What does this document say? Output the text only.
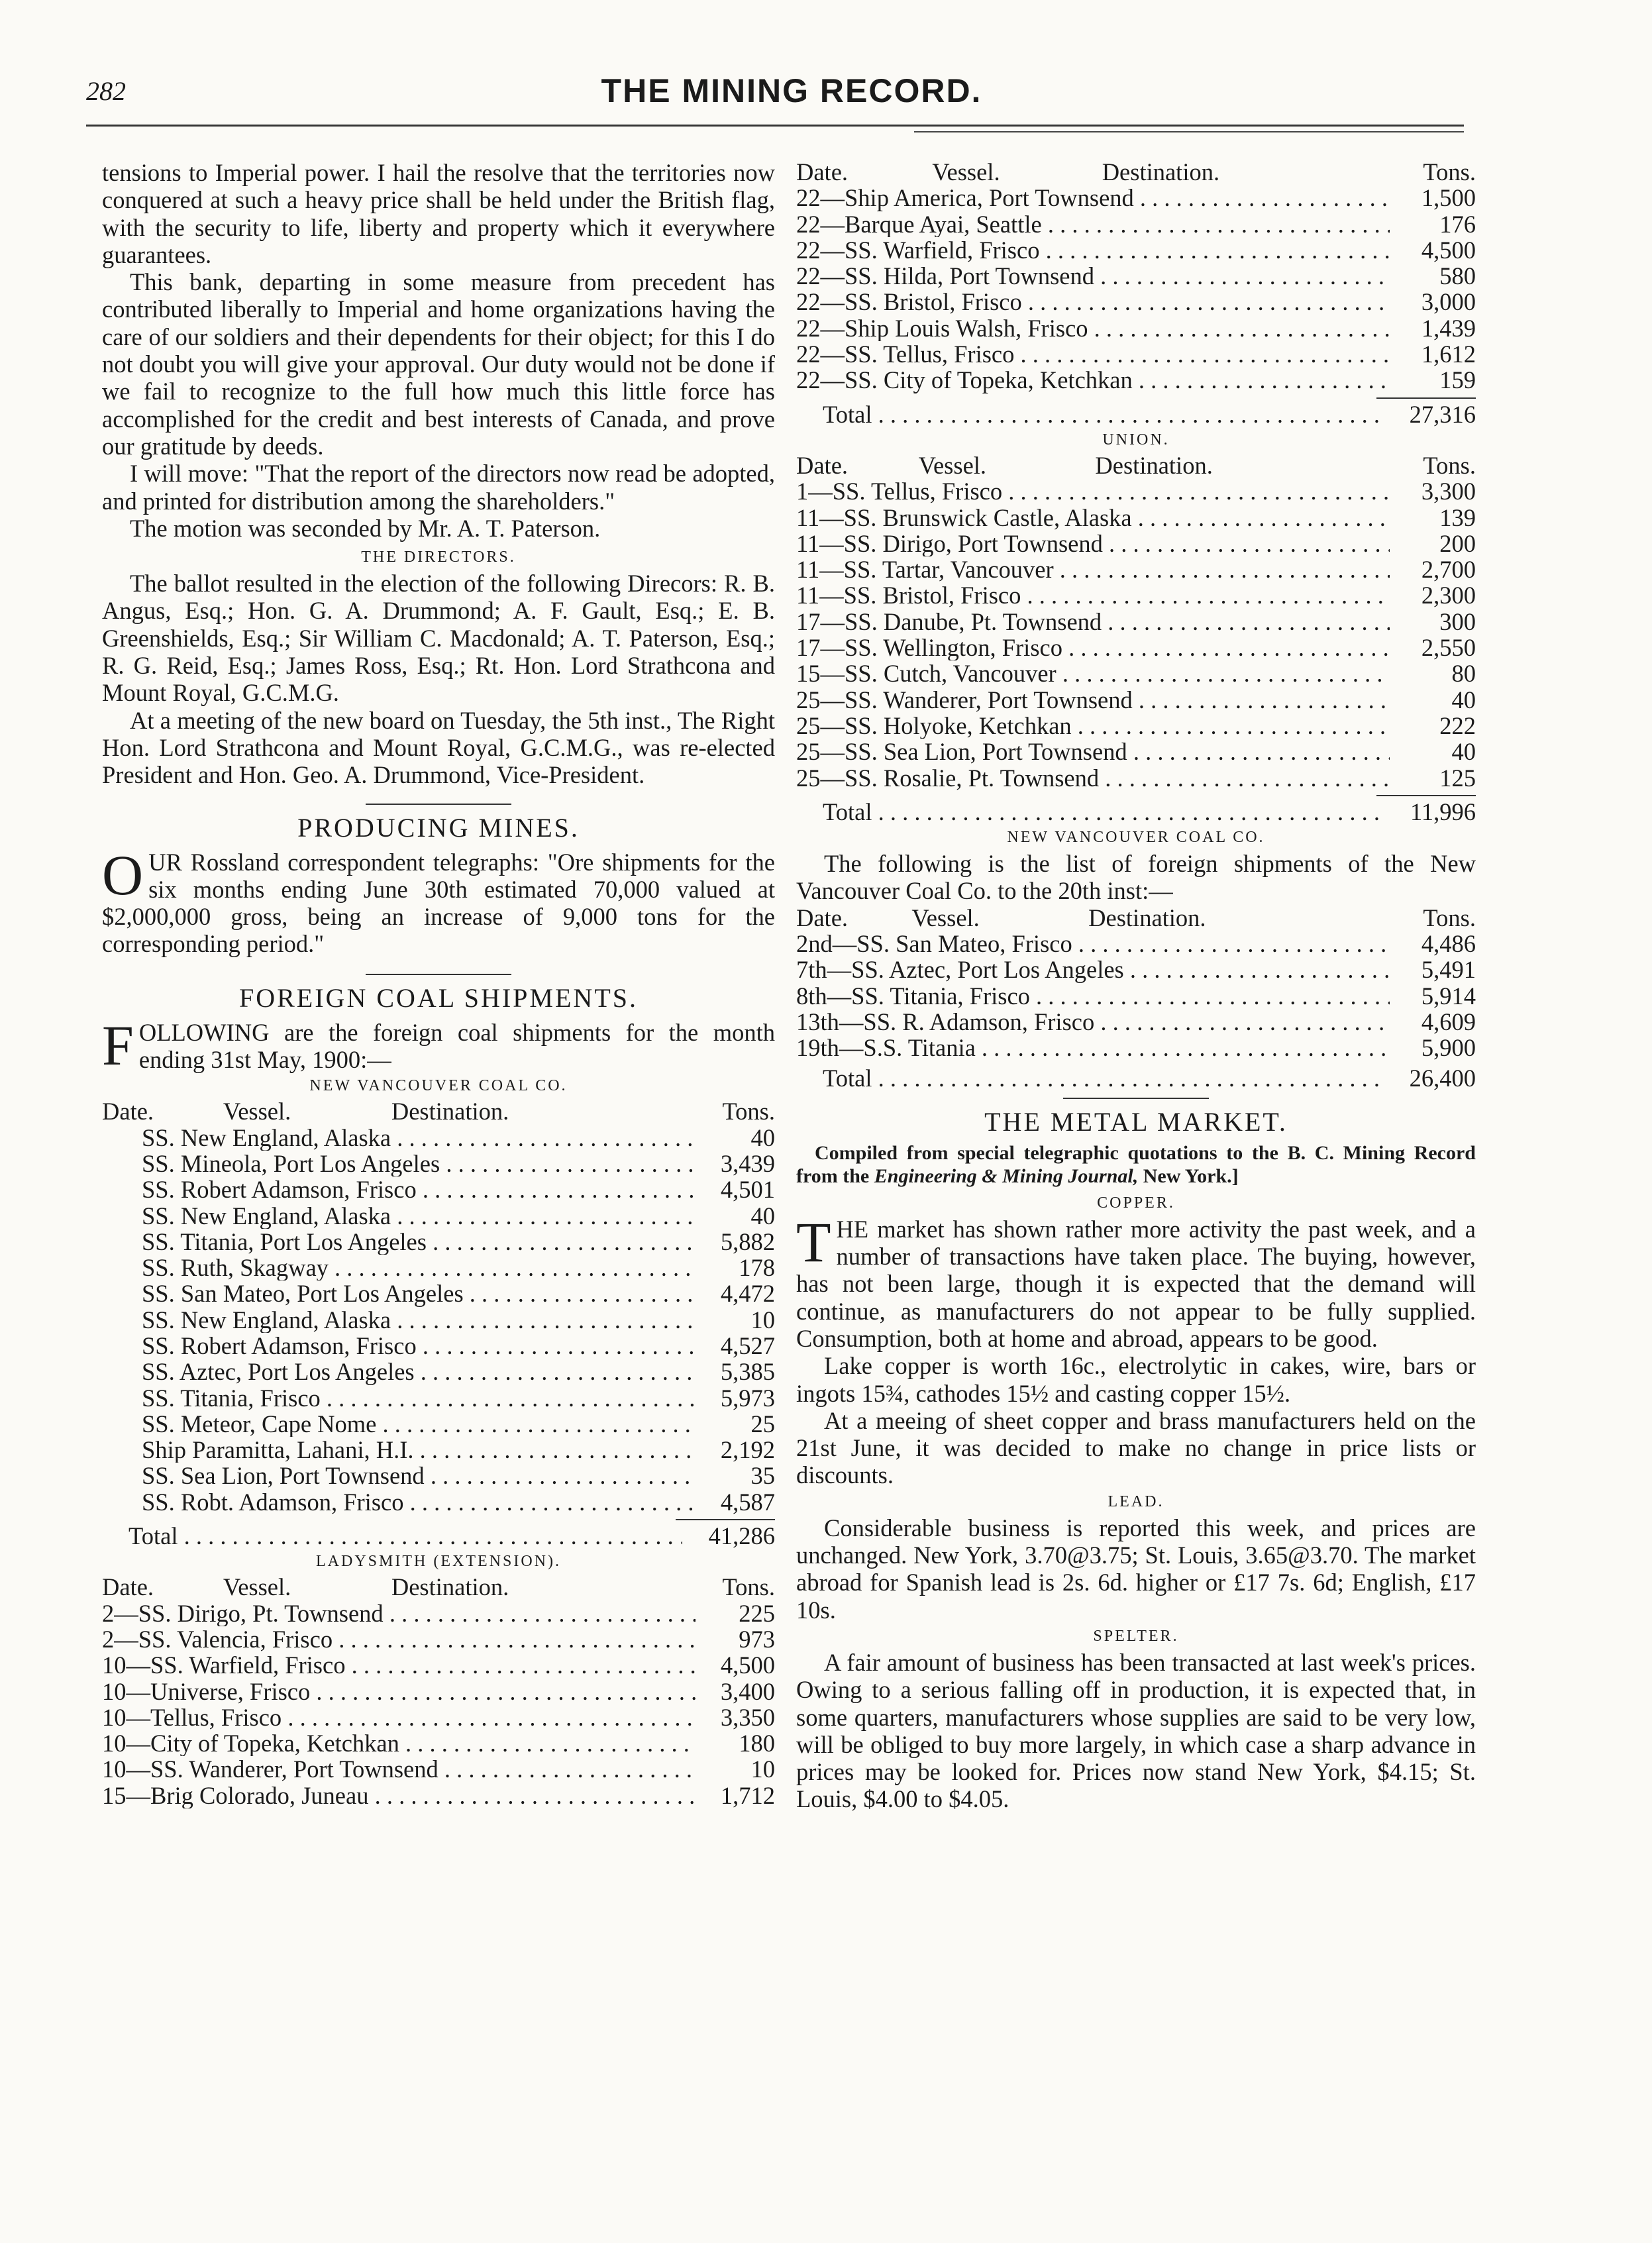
282	THE MINING RECORD.

tensions to Imperial power. I hail the resolve that the territories now conquered at such a heavy price shall be held under the British flag, with the security to life, liberty and property which it everywhere guarantees.

This bank, departing in some measure from precedent has contributed liberally to Imperial and home organizations having the care of our soldiers and their dependents for their object; for this I do not doubt you will give your approval. Our duty would not be done if we fail to recognize to the full how much this little force has accomplished for the credit and best interests of Canada, and prove our gratitude by deeds.

I will move: "That the report of the directors now read be adopted, and printed for distribution among the shareholders."

The motion was seconded by Mr. A. T. Paterson.

THE DIRECTORS.

The ballot resulted in the election of the following Direcors: R. B. Angus, Esq.; Hon. G. A. Drummond; A. F. Gault, Esq.; E. B. Greenshields, Esq.; Sir William C. Macdonald; A. T. Paterson, Esq.; R. G. Reid, Esq.; James Ross, Esq.; Rt. Hon. Lord Strathcona and Mount Royal, G.C.M.G.

At a meeting of the new board on Tuesday, the 5th inst., The Right Hon. Lord Strathcona and Mount Royal, G.C.M.G., was re-elected President and Hon. Geo. A. Drummond, Vice-President.

PRODUCING MINES.

OUR Rossland correspondent telegraphs: "Ore shipments for the six months ending June 30th estimated 70,000 valued at $2,000,000 gross, being an increase of 9,000 tons for the corresponding period."

FOREIGN COAL SHIPMENTS.

FOLLOWING are the foreign coal shipments for the month ending 31st May, 1900:—

NEW VANCOUVER COAL CO.
Date.	Vessel.	Destination.	Tons.
	SS. New England, Alaska . . .	40
	SS. Mineola, Port Los Angeles . . .	3,439
	SS. Robert Adamson, Frisco . . .	4,501
	SS. New England, Alaska . . .	40
	SS. Titania, Port Los Angeles . . .	5,882
	SS. Ruth, Skagway . . .	178
	SS. San Mateo, Port Los Angeles . . .	4,472
	SS. New England, Alaska . . .	10
	SS. Robert Adamson, Frisco . . .	4,527
	SS. Aztec, Port Los Angeles . . .	5,385
	SS. Titania, Frisco . . .	5,973
	SS. Meteor, Cape Nome . . .	25
	Ship Paramitta, Lahani, H.I. . . .	2,192
	SS. Sea Lion, Port Townsend . . .	35
	SS. Robt. Adamson, Frisco . . .	4,587
	Total . . .	41,286
LADYSMITH (EXTENSION).
Date.	Vessel.	Destination.	Tons.
	2—SS. Dirigo, Pt. Townsend . . .	225
	2—SS. Valencia, Frisco . . .	973
	10—SS. Warfield, Frisco . . .	4,500
	10—Universe, Frisco . . .	3,400
	10—Tellus, Frisco . . .	3,350
	10—City of Topeka, Ketchkan . . .	180
	10—SS. Wanderer, Port Townsend . . .	10
	15—Brig Colorado, Juneau . . .	1,712
Date.	Vessel.	Destination.	Tons.
	22—Ship America, Port Townsend . . .	1,500
	22—Barque Ayai, Seattle . . .	176
	22—SS. Warfield, Frisco . . .	4,500
	22—SS. Hilda, Port Townsend . . .	580
	22—SS. Bristol, Frisco . . .	3,000
	22—Ship Louis Walsh, Frisco . . .	1,439
	22—SS. Tellus, Frisco . . .	1,612
	22—SS. City of Topeka, Ketchkan . . .	159
	Total . . .	27,316
UNION.
Date.	Vessel.	Destination.	Tons.
	1—SS. Tellus, Frisco . . .	3,300
	11—SS. Brunswick Castle, Alaska . . .	139
	11—SS. Dirigo, Port Townsend . . .	200
	11—SS. Tartar, Vancouver . . .	2,700
	11—SS. Bristol, Frisco . . .	2,300
	17—SS. Danube, Pt. Townsend . . .	300
	17—SS. Wellington, Frisco . . .	2,550
	15—SS. Cutch, Vancouver . . .	80
	25—SS. Wanderer, Port Townsend . . .	40
	25—SS. Holyoke, Ketchkan . . .	222
	25—SS. Sea Lion, Port Townsend . . .	40
	25—SS. Rosalie, Pt. Townsend . . .	125
	Total . . .	11,996
NEW VANCOUVER COAL CO.

The following is the list of foreign shipments of the New Vancouver Coal Co. to the 20th inst:—

Date.	Vessel.	Destination.	Tons.
	2nd—SS. San Mateo, Frisco . . .	4,486
	7th—SS. Aztec, Port Los Angeles . . .	5,491
	8th—SS. Titania, Frisco . . .	5,914
	13th—SS. R. Adamson, Frisco . . .	4,609
	19th—S.S. Titania . . .	5,900
	Total . . .	26,400
THE METAL MARKET.

Compiled from special telegraphic quotations to the B. C. Mining Record from the Engineering & Mining Journal, New York.]

COPPER.

THE market has shown rather more activity the past week, and a number of transactions have taken place. The buying, however, has not been large, though it is expected that the demand will continue, as manufacturers do not appear to be fully supplied. Consumption, both at home and abroad, appears to be good.

Lake copper is worth 16c., electrolytic in cakes, wire, bars or ingots 15¾, cathodes 15½ and casting copper 15½.

At a meeing of sheet copper and brass manufacturers held on the 21st June, it was decided to make no change in price lists or discounts.

LEAD.

Considerable business is reported this week, and prices are unchanged. New York, 3.70@3.75; St. Louis, 3.65@3.70. The market abroad for Spanish lead is 2s. 6d. higher or £17 7s. 6d; English, £17 10s.

SPELTER.

A fair amount of business has been transacted at last week's prices. Owing to a serious falling off in production, it is expected that, in some quarters, manufacturers whose supplies are said to be very low, will be obliged to buy more largely, in which case a sharp advance in prices may be looked for. Prices now stand New York, $4.15; St. Louis, $4.00 to $4.05.
